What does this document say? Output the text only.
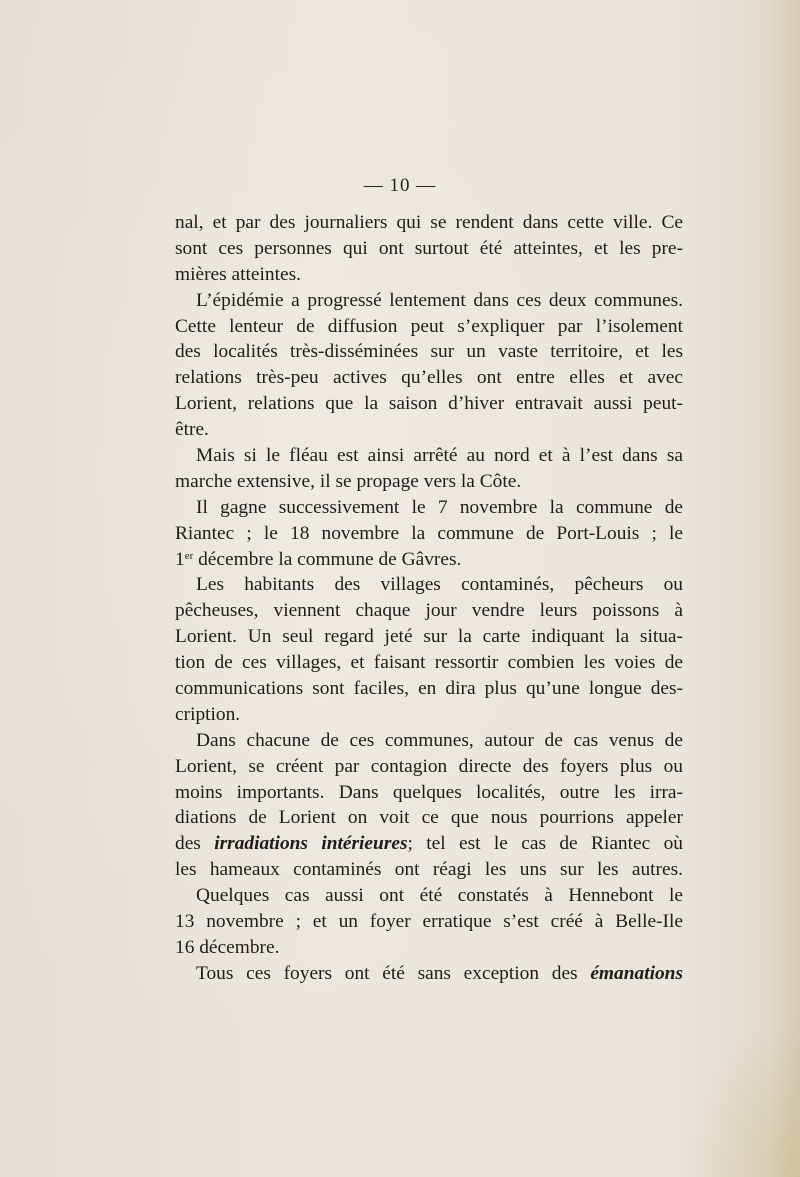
— 10 —
nal, et par des journaliers qui se rendent dans cette ville. Ce
sont ces personnes qui ont surtout été atteintes, et les pre-
mières atteintes.
L’épidémie a progressé lentement dans ces deux communes.
Cette lenteur de diffusion peut s’expliquer par l’isolement
des localités très-disséminées sur un vaste territoire, et les
relations très-peu actives qu’elles ont entre elles et avec
Lorient, relations que la saison d’hiver entravait aussi peut-
être.
Mais si le fléau est ainsi arrêté au nord et à l’est dans sa
marche extensive, il se propage vers la Côte.
Il gagne successivement le 7 novembre la commune de
Riantec ; le 18 novembre la commune de Port-Louis ; le
1er décembre la commune de Gâvres.
Les habitants des villages contaminés, pêcheurs ou
pêcheuses, viennent chaque jour vendre leurs poissons à
Lorient. Un seul regard jeté sur la carte indiquant la situa-
tion de ces villages, et faisant ressortir combien les voies de
communications sont faciles, en dira plus qu’une longue des-
cription.
Dans chacune de ces communes, autour de cas venus de
Lorient, se créent par contagion directe des foyers plus ou
moins importants. Dans quelques localités, outre les irra-
diations de Lorient on voit ce que nous pourrions appeler
des irradiations intérieures; tel est le cas de Riantec où
les hameaux contaminés ont réagi les uns sur les autres.
Quelques cas aussi ont été constatés à Hennebont le
13 novembre ; et un foyer erratique s’est créé à Belle-Ile
16 décembre.
Tous ces foyers ont été sans exception des émanations
